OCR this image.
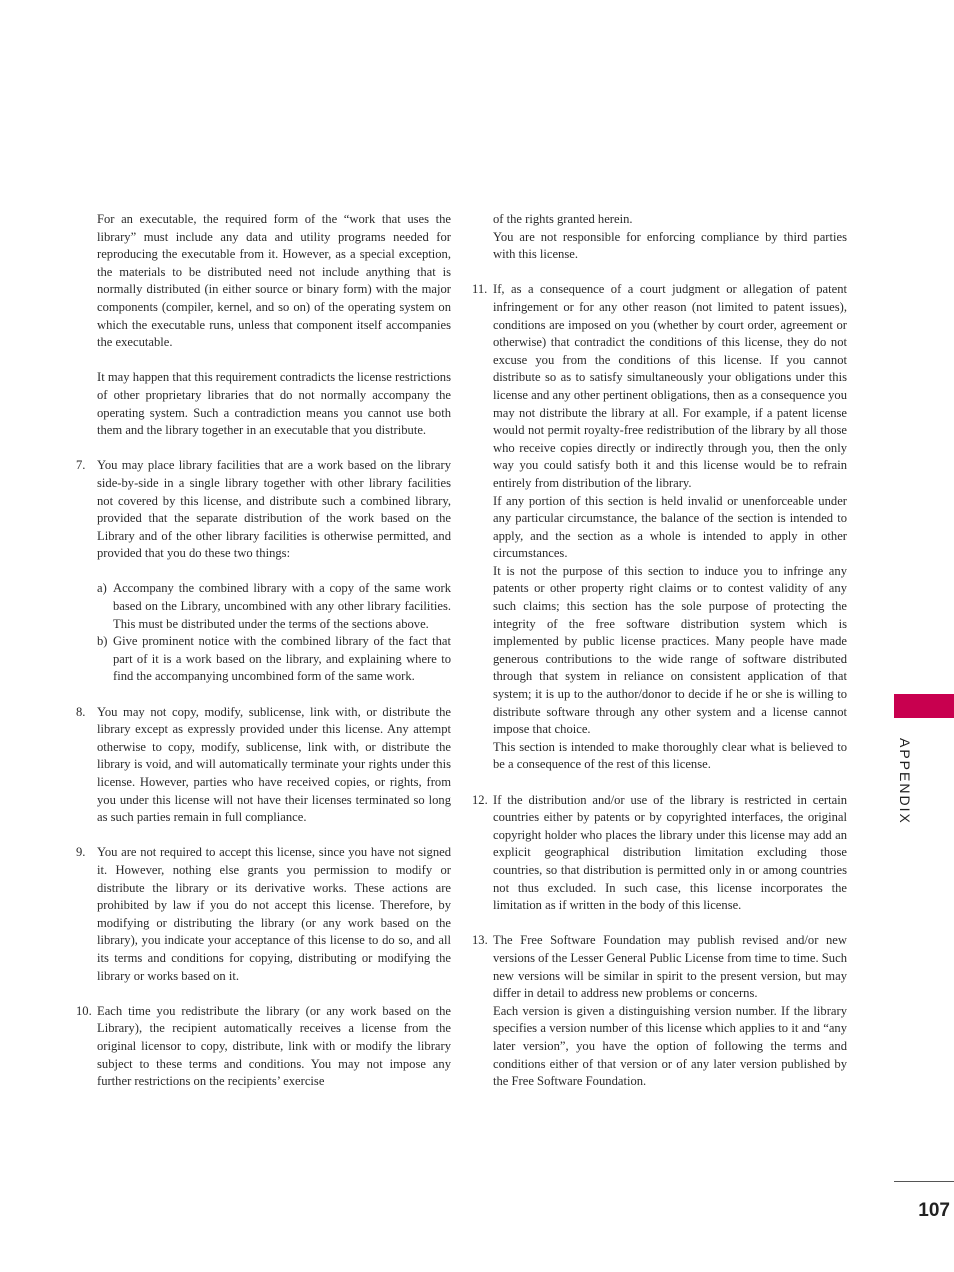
For an executable, the required form of the “work that uses the library” must include any data and utility programs needed for reproducing the executable from it. However, as a special exception, the materials to be distributed need not include anything that is normally distributed (in either source or binary form) with the major components (compiler, kernel, and so on) of the operating system on which the executable runs, unless that component itself accompanies the executable.

It may happen that this requirement contradicts the license restrictions of other proprietary libraries that do not normally accompany the operating system. Such a contradiction means you cannot use both them and the library together in an executable that you distribute.

7. You may place library facilities that are a work based on the library side-by-side in a single library together with other library facilities not covered by this license, and distribute such a combined library, provided that the separate distribution of the work based on the Library and of the other library facilities is otherwise permitted, and provided that you do these two things:
a) Accompany the combined library with a copy of the same work based on the Library, uncombined with any other library facilities. This must be distributed under the terms of the sections above.
b) Give prominent notice with the combined library of the fact that part of it is a work based on the library, and explaining where to find the accompanying uncombined form of the same work.
8. You may not copy, modify, sublicense, link with, or distribute the library except as expressly provided under this license. Any attempt otherwise to copy, modify, sublicense, link with, or distribute the library is void, and will automatically terminate your rights under this license. However, parties who have received copies, or rights, from you under this license will not have their licenses terminated so long as such parties remain in full compliance.
9. You are not required to accept this license, since you have not signed it. However, nothing else grants you permission to modify or distribute the library or its derivative works. These actions are prohibited by law if you do not accept this license. Therefore, by modifying or distributing the library (or any work based on the library), you indicate your acceptance of this license to do so, and all its terms and conditions for copying, distributing or modifying the library or works based on it.
10. Each time you redistribute the library (or any work based on the Library), the recipient automatically receives a license from the original licensor to copy, distribute, link with or modify the library subject to these terms and conditions. You may not impose any further restrictions on the recipients’ exercise

of the rights granted herein.

You are not responsible for enforcing compliance by third parties with this license.

11. If, as a consequence of a court judgment or allegation of patent infringement or for any other reason (not limited to patent issues), conditions are imposed on you (whether by court order, agreement or otherwise) that contradict the conditions of this license, they do not excuse you from the conditions of this license. If you cannot distribute so as to satisfy simultaneously your obligations under this license and any other pertinent obligations, then as a consequence you may not distribute the library at all. For example, if a patent license would not permit royalty-free redistribution of the library by all those who receive copies directly or indirectly through you, then the only way you could satisfy both it and this license would be to refrain entirely from distribution of the library.

If any portion of this section is held invalid or unenforceable under any particular circumstance, the balance of the section is intended to apply, and the section as a whole is intended to apply in other circumstances.

It is not the purpose of this section to induce you to infringe any patents or other property right claims or to contest validity of any such claims; this section has the sole purpose of protecting the integrity of the free software distribution system which is implemented by public license practices. Many people have made generous contributions to the wide range of software distributed through that system in reliance on consistent application of that system; it is up to the author/donor to decide if he or she is willing to distribute software through any other system and a license cannot impose that choice.

This section is intended to make thoroughly clear what is believed to be a consequence of the rest of this license.

12. If the distribution and/or use of the library is restricted in certain countries either by patents or by copyrighted interfaces, the original copyright holder who places the library under this license may add an explicit geographical distribution limitation excluding those countries, so that distribution is permitted only in or among countries not thus excluded. In such case, this license incorporates the limitation as if written in the body of this license.
13. The Free Software Foundation may publish revised and/or new versions of the Lesser General Public License from time to time. Such new versions will be similar in spirit to the present version, but may differ in detail to address new problems or concerns.

Each version is given a distinguishing version number. If the library specifies a version number of this license which applies to it and “any later version”, you have the option of following the terms and conditions either of that version or of any later version published by the Free Software Foundation.

APPENDIX
107
